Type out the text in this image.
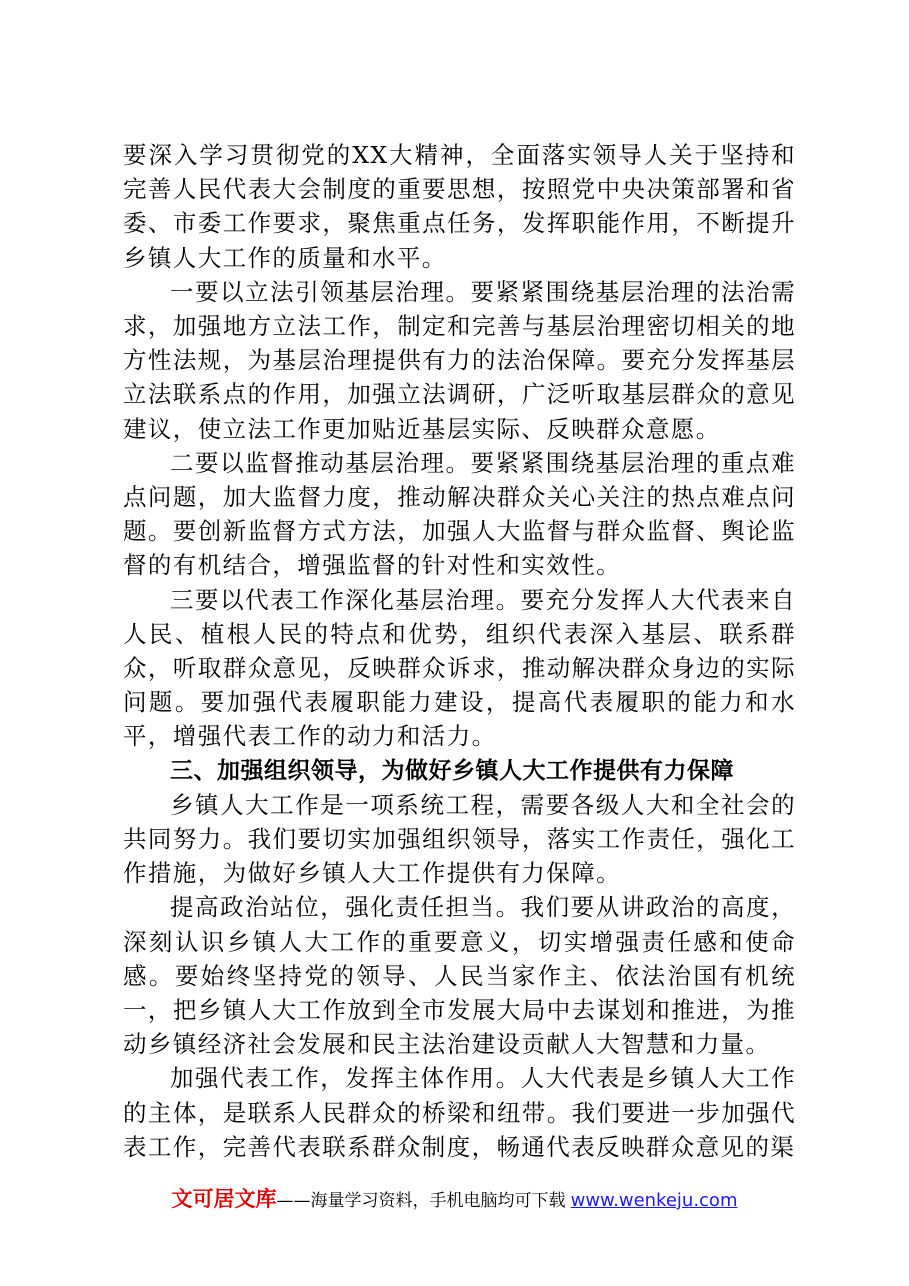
要深入学习贯彻党的XX大精神，全面落实领导人关于坚持和完善人民代表大会制度的重要思想，按照党中央决策部署和省委、市委工作要求，聚焦重点任务，发挥职能作用，不断提升乡镇人大工作的质量和水平。

一要以立法引领基层治理。要紧紧围绕基层治理的法治需求，加强地方立法工作，制定和完善与基层治理密切相关的地方性法规，为基层治理提供有力的法治保障。要充分发挥基层立法联系点的作用，加强立法调研，广泛听取基层群众的意见建议，使立法工作更加贴近基层实际、反映群众意愿。

二要以监督推动基层治理。要紧紧围绕基层治理的重点难点问题，加大监督力度，推动解决群众关心关注的热点难点问题。要创新监督方式方法，加强人大监督与群众监督、舆论监督的有机结合，增强监督的针对性和实效性。

三要以代表工作深化基层治理。要充分发挥人大代表来自人民、植根人民的特点和优势，组织代表深入基层、联系群众，听取群众意见，反映群众诉求，推动解决群众身边的实际问题。要加强代表履职能力建设，提高代表履职的能力和水平，增强代表工作的动力和活力。

三、加强组织领导，为做好乡镇人大工作提供有力保障

乡镇人大工作是一项系统工程，需要各级人大和全社会的共同努力。我们要切实加强组织领导，落实工作责任，强化工作措施，为做好乡镇人大工作提供有力保障。

提高政治站位，强化责任担当。我们要从讲政治的高度，深刻认识乡镇人大工作的重要意义，切实增强责任感和使命感。要始终坚持党的领导、人民当家作主、依法治国有机统一，把乡镇人大工作放到全市发展大局中去谋划和推进，为推动乡镇经济社会发展和民主法治建设贡献人大智慧和力量。

加强代表工作，发挥主体作用。人大代表是乡镇人大工作的主体，是联系人民群众的桥梁和纽带。我们要进一步加强代表工作，完善代表联系群众制度，畅通代表反映群众意见的渠

文可居文库——海量学习资料，手机电脑均可下载 www.wenkeju.com
